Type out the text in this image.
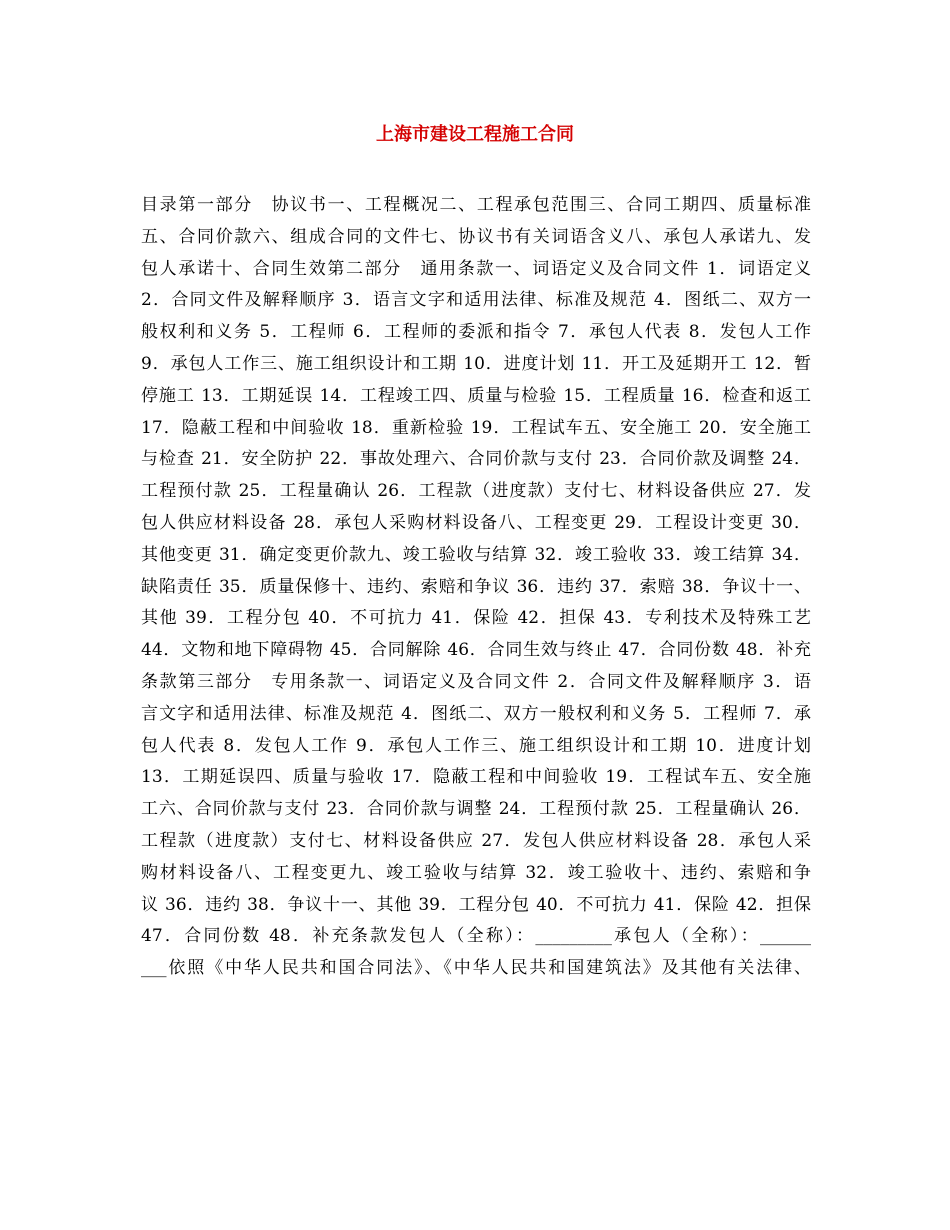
上海市建设工程施工合同
目录第一部分　协议书一、工程概况二、工程承包范围三、合同工期四、质量标准
五、合同价款六、组成合同的文件七、协议书有关词语含义八、承包人承诺九、发
包人承诺十、合同生效第二部分　通用条款一、词语定义及合同文件 1．词语定义
2．合同文件及解释顺序 3．语言文字和适用法律、标准及规范 4．图纸二、双方一
般权利和义务 5．工程师 6．工程师的委派和指令 7．承包人代表 8．发包人工作
9．承包人工作三、施工组织设计和工期 10．进度计划 11．开工及延期开工 12．暂
停施工 13．工期延误 14．工程竣工四、质量与检验 15．工程质量 16．检查和返工
17．隐蔽工程和中间验收 18．重新检验 19．工程试车五、安全施工 20．安全施工
与检查 21．安全防护 22．事故处理六、合同价款与支付 23．合同价款及调整 24．
工程预付款 25．工程量确认 26．工程款（进度款）支付七、材料设备供应 27．发
包人供应材料设备 28．承包人采购材料设备八、工程变更 29．工程设计变更 30．
其他变更 31．确定变更价款九、竣工验收与结算 32．竣工验收 33．竣工结算 34．
缺陷责任 35．质量保修十、违约、索赔和争议 36．违约 37．索赔 38．争议十一、
其他 39．工程分包 40．不可抗力 41．保险 42．担保 43．专利技术及特殊工艺
44．文物和地下障碍物 45．合同解除 46．合同生效与终止 47．合同份数 48．补充
条款第三部分　专用条款一、词语定义及合同文件 2．合同文件及解释顺序 3．语
言文字和适用法律、标准及规范 4．图纸二、双方一般权利和义务 5．工程师 7．承
包人代表 8．发包人工作 9．承包人工作三、施工组织设计和工期 10．进度计划
13．工期延误四、质量与验收 17．隐蔽工程和中间验收 19．工程试车五、安全施
工六、合同价款与支付 23．合同价款与调整 24．工程预付款 25．工程量确认 26．
工程款（进度款）支付七、材料设备供应 27．发包人供应材料设备 28．承包人采
购材料设备八、工程变更九、竣工验收与结算 32．竣工验收十、违约、索赔和争
议 36．违约 38．争议十一、其他 39．工程分包 40．不可抗力 41．保险 42．担保
47．合同份数 48．补充条款发包人（全称）：_________承包人（全称）：______
___依照《中华人民共和国合同法》、《中华人民共和国建筑法》及其他有关法律、
